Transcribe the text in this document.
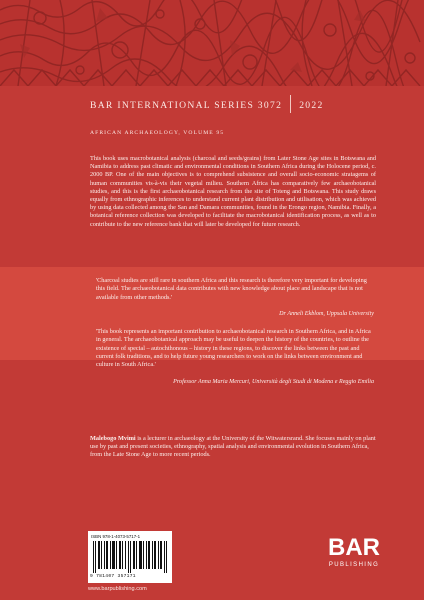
BAR INTERNATIONAL SERIES 3072 2022
AFRICAN ARCHAEOLOGY, VOLUME 95

This book uses macrobotanical analysis (charcoal and seeds/grains) from Later Stone Age sites in Botswana and Namibia to address past climatic and environmental conditions in Southern Africa during the Holocene period, c. 2000 BP. One of the main objectives is to comprehend subsistence and overall socio-economic stratagems of human communities vis-à-vis their vegetal milieu. Southern Africa has comparatively few archaeobotanical studies, and this is the first archaeobotanical research from the site of Toteng and Botswana. This study draws equally from ethnographic inferences to understand current plant distribution and utilisation, which was achieved by using data collected among the San and Damara communities, found in the Erongo region, Namibia. Finally, a botanical reference collection was developed to facilitate the macrobotanical identification process, as well as to contribute to the new reference bank that will later be developed for future research.

'Charcoal studies are still rare in southern Africa and this research is therefore very important for developing this field. The archaeobotanical data contributes with new knowledge about place and landscape that is not available from other methods.'

Dr Anneli Ekblom, Uppsala University

'This book represents an important contribution to archaeobotanical research in Southern Africa, and in Africa in general. The archaeobotanical approach may be useful to deepen the history of the countries, to outline the existence of special – autochthonous – history in these regions, to discover the links between the past and current folk traditions, and to help future young researchers to work on the links between environment and culture in South Africa.'

Professor Anna Maria Mercuri, Università degli Studi di Modena e Reggio Emilia

Malebogo Mvimi is a lecturer in archaeology at the University of the Witwatersrand. She focuses mainly on plant use by past and present societies, ethnography, spatial analysis and environmental evolution in Southern Africa, from the Late Stone Age to more recent periods.

ISBN 978-1-4073-5717-1
9 781407 357171
www.barpublishing.com
BAR
PUBLISHING
